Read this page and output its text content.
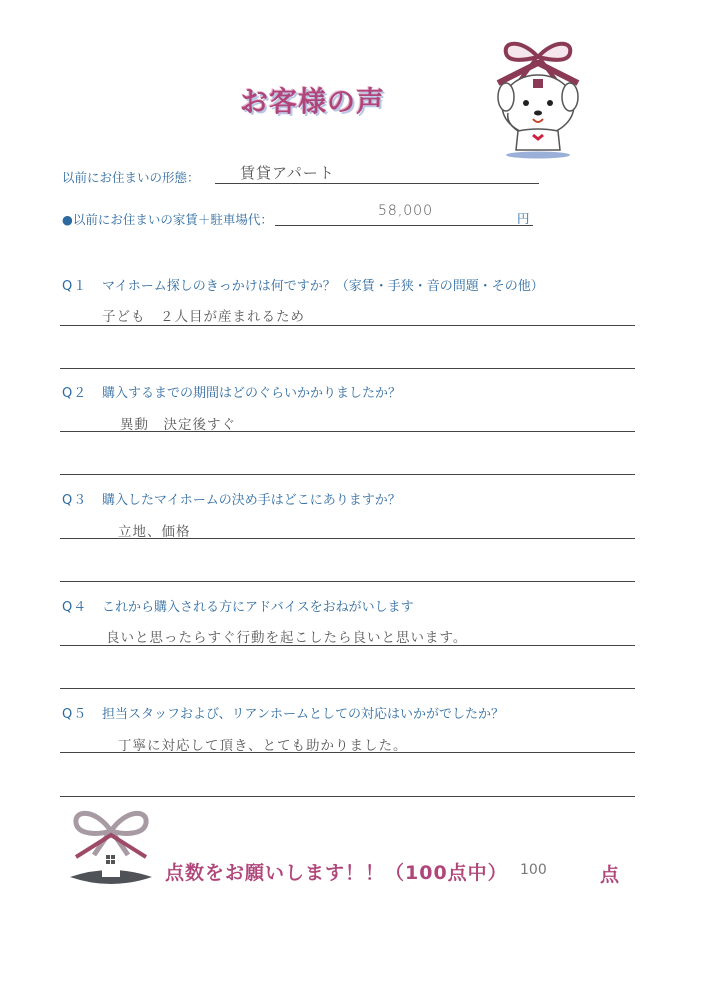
お客様の声
以前にお住まいの形態：	賃貸アパート
●以前にお住まいの家賃＋駐車場代：
58,000	円
Q１ マイホーム探しのきっかけは何ですか？（家賃・手狭・音の問題・その他）
子ども　２人目が産まれるため
Q２ 購入するまでの期間はどのぐらいかかりましたか？
異動　決定後すぐ
Q３ 購入したマイホームの決め手はどこにありますか？
立地、価格
Q４ これから購入される方にアドバイスをおねがいします
良いと思ったらすぐ行動を起こしたら良いと思います。
Q５ 担当スタッフおよび、リアンホームとしての対応はいかがでしたか？
丁寧に対応して頂き、とても助かりました。
点数をお願いします！！（100点中） 100	点
